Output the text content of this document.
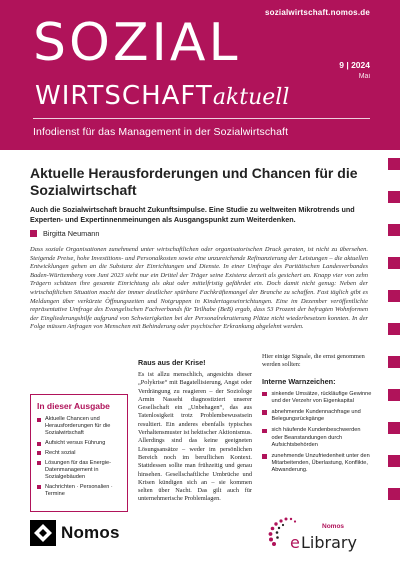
sozialwirtschaft.nomos.de
SOZIAL	9 | 2024
Mai
WIRTSCHAFTaktuell
Infodienst für das Management in der Sozialwirtschaft
Aktuelle Herausforderungen und Chancen für die Sozialwirtschaft

Auch die Sozialwirtschaft braucht Zukunftsimpulse. Eine Studie zu weltweiten Mikrotrends und Experten- und Expertinnenmeinungen als Ausgangspunkt zum Weiterdenken.

Birgitta Neumann

Dass soziale Organisationen zunehmend unter wirtschaftlichen oder organisatorischen Druck geraten, ist nicht zu übersehen. Steigende Preise, hohe Investitions- und Personalkosten sowie eine unzureichende Refinanzierung der Leistungen – die aktuellen Entwicklungen gehen an die Substanz der Einrichtungen und Dienste. In einer Umfrage des Paritätischen Landesverbandes Baden-Württemberg vom Juni 2023 sieht nur ein Drittel der Träger seine Existenz derzeit als gesichert an. Knapp vier von zehn Trägern schätzen ihre gesamte Einrichtung als akut oder mittelfristig gefährdet ein. Doch damit nicht genug: Neben der wirtschaftlichen Situation macht der immer deutlicher spürbare Fachkräftemangel der Branche zu schaffen. Fast täglich gibt es Meldungen über verkürzte Öffnungszeiten und Notgruppen in Kindertageseinrichtungen. Eine im Dezember veröffentlichte repräsentative Umfrage des Evangelischen Fachverbands für Teilhabe (BeB) ergab, dass 53 Prozent der befragten Wohnformen der Eingliederungshilfe aufgrund von Schwierigkeiten bei der Personalrekrutierung Plätze nicht wiederbesetzen konnten. In der Folge müssen Anfragen von Menschen mit Behinderung oder psychischer Erkrankung abgelehnt werden.

In dieser Ausgabe
Aktuelle Chancen und Herausforderungen für die Sozialwirtschaft
Aufsicht versus Führung
Recht sozial
Lösungen für das Energie-Datenmanagement in Sozialgebäuden
Nachrichten · Personalien · Termine
Raus aus der Krise!

Es ist allzu menschlich, angesichts dieser „Polykrise“ mit Bagatellisierung, Angst oder Verdrängung zu reagieren – der Soziologe Armin Nassehi diagnostiziert unserer Gesellschaft ein „Unbehagen“, das aus Tatenlosigkeit trotz Problembewusstsein resultiert. Ein anderes ebenfalls typisches Verhaltensmuster ist hektischer Aktionismus. Allerdings sind das keine geeigneten Lösungsansätze – weder im persönlichen Bereich noch im beruflichen Kontext. Stattdessen sollte man frühzeitig und genau hinsehen. Gesellschaftliche Umbrüche und Krisen kündigen sich an – sie kommen selten über Nacht. Das gilt auch für unternehmerische Problemlagen.

Hier einige Signale, die ernst genommen werden sollten:

Interne Warnzeichen:
sinkende Umsätze, rückläufige Gewinne und der Verzehr von Eigenkapital
abnehmende Kundennachfrage und Belegungsrückgänge
sich häufende Kundenbeschwerden oder Beanstandungen durch Aufsichtsbehörden
zunehmende Unzufriedenheit unter den Mitarbeitenden, Überlastung, Konflikte, Abwanderung.
Nomos	Nomos
e Library
